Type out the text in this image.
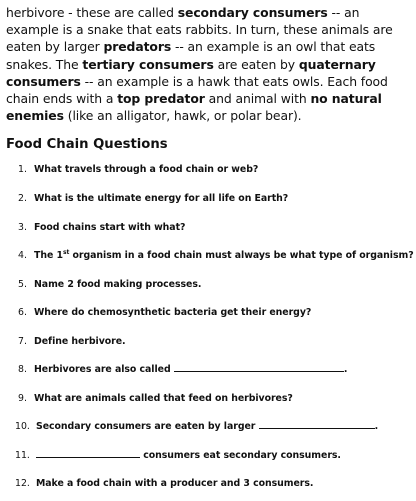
herbivore - these are called secondary consumers -- an example is a snake that eats rabbits. In turn, these animals are eaten by larger predators -- an example is an owl that eats snakes. The tertiary consumers are eaten by quaternary consumers -- an example is a hawk that eats owls. Each food chain ends with a top predator and animal with no natural enemies (like an alligator, hawk, or polar bear).

Food Chain Questions
1. What travels through a food chain or web?
2. What is the ultimate energy for all life on Earth?
3. Food chains start with what?
4. The 1st organism in a food chain must always be what type of organism?
5. Name 2 food making processes.
6. Where do chemosynthetic bacteria get their energy?
7. Define herbivore.
8. Herbivores are also called	.
9. What are animals called that feed on herbivores?
10. Secondary consumers are eaten by larger	.
11.	consumers eat secondary consumers.
12. Make a food chain with a producer and 3 consumers.
